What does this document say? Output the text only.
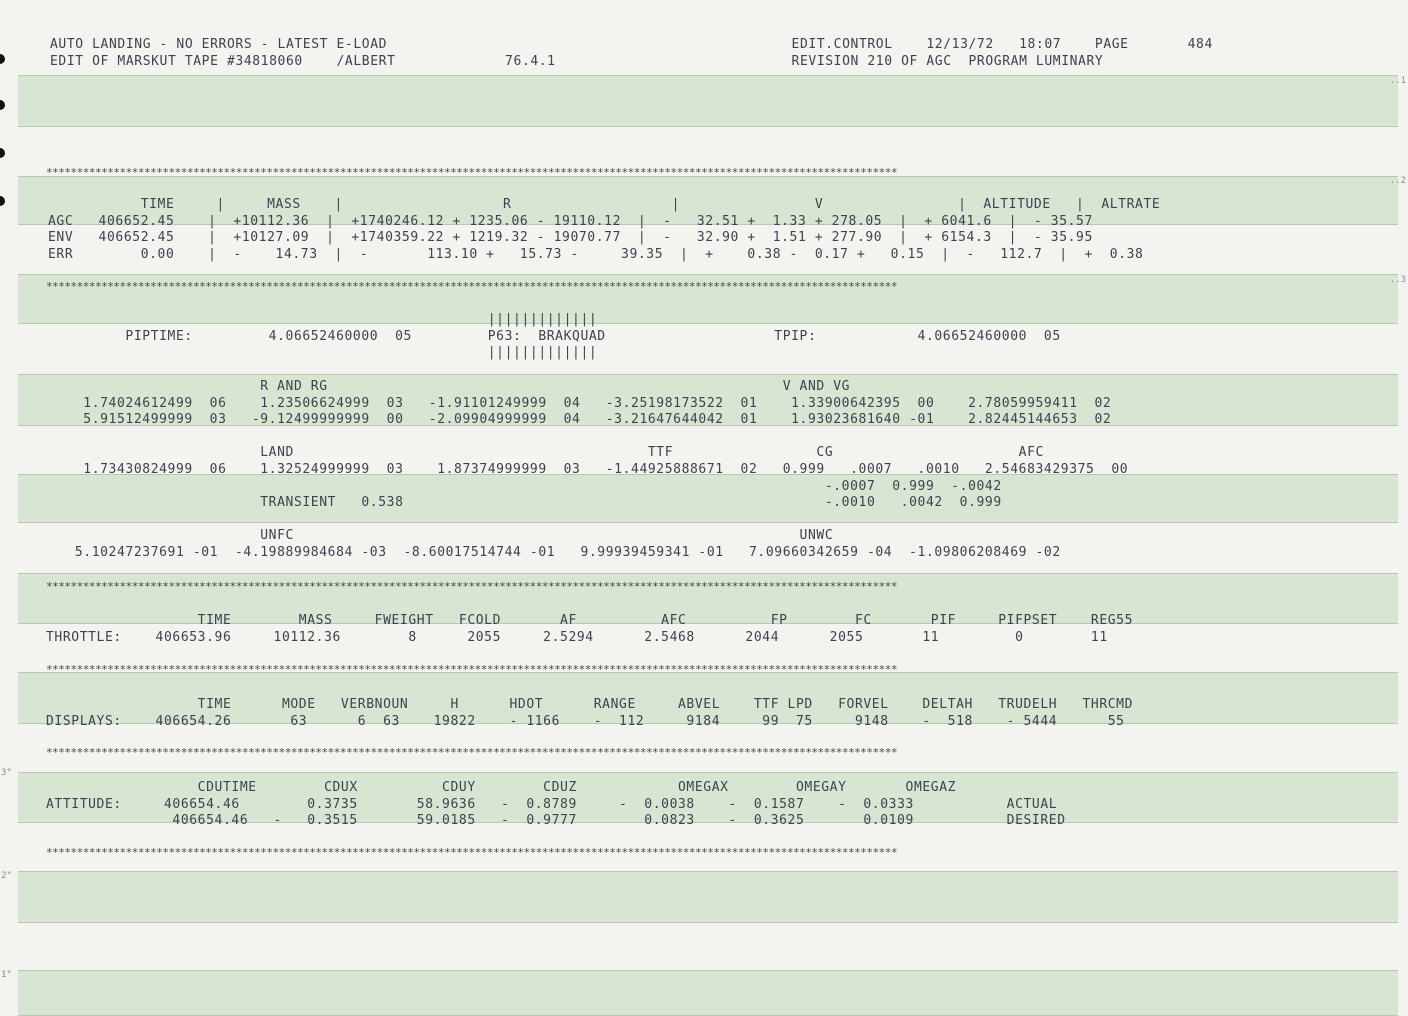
3"
2"
1"
..1
..2
..3
AUTO LANDING - NO ERRORS - LATEST E-LOAD                                                EDIT.CONTROL    12/13/72   18:07    PAGE       484
EDIT OF MARSKUT TAPE #34818060    /ALBERT             76.4.1                            REVISION 210 OF AGC  PROGRAM LUMINARY
*******************************************************************************************************************************************
*******************************************************************************************************************************************
*******************************************************************************************************************************************
*******************************************************************************************************************************************
*******************************************************************************************************************************************
*******************************************************************************************************************************************
TIME     |     MASS    |                   R                   |                V                |  ALTITUDE   |  ALTRATE
AGC   406652.45    |  +10112.36  |  +1740246.12 + 1235.06 - 19110.12  |  -   32.51 +  1.33 + 278.05  |  + 6041.6  |  - 35.57
ENV   406652.45    |  +10127.09  |  +1740359.22 + 1219.32 - 19070.77  |  -   32.90 +  1.51 + 277.90  |  + 6154.3  |  - 35.95
ERR        0.00    |  -    14.73  |  -       113.10 +   15.73 -     39.35  |  +    0.38 -  0.17 +   0.15  |  -   112.7  |  +  0.38
|||||||||||||
PIPTIME:         4.06652460000  05         P63:  BRAKQUAD                    TPIP:            4.06652460000  05
|||||||||||||
R AND RG                                                      V AND VG
1.74024612499  06    1.23506624999  03   -1.91101249999  04   -3.25198173522  01    1.33900642395  00    2.78059959411  02
5.91512499999  03   -9.12499999999  00   -2.09904999999  04   -3.21647644042  01    1.93023681640 -01    2.82445144653  02

LAND                                          TTF                 CG                      AFC
1.73430824999  06    1.32524999999  03    1.87374999999  03   -1.44925888671  02   0.999   .0007   .0010   2.54683429375  00
-.0007  0.999  -.0042
TRANSIENT   0.538                                                  -.0010   .0042  0.999

UNFC                                                            UNWC
5.10247237691 -01  -4.19889984684 -03  -8.60017514744 -01   9.99939459341 -01   7.09660342659 -04  -1.09806208469 -02
TIME        MASS     FWEIGHT   FCOLD       AF          AFC          FP        FC       PIF     PIFPSET    REG55
THROTTLE:    406653.96     10112.36        8      2055     2.5294      2.5468      2044      2055       11         0        11
TIME      MODE   VERBNOUN     H      HDOT      RANGE     ABVEL    TTF LPD   FORVEL    DELTAH   TRUDELH   THRCMD
DISPLAYS:    406654.26       63      6  63    19822    - 1166    -  112     9184     99  75     9148    -  518    - 5444      55
CDUTIME        CDUX          CDUY        CDUZ            OMEGAX        OMEGAY       OMEGAZ
ATTITUDE:     406654.46        0.3735       58.9636   -  0.8789     -  0.0038    -  0.1587    -  0.0333           ACTUAL
406654.46   -   0.3515       59.0185   -  0.9777        0.0823    -  0.3625       0.0109           DESIRED
